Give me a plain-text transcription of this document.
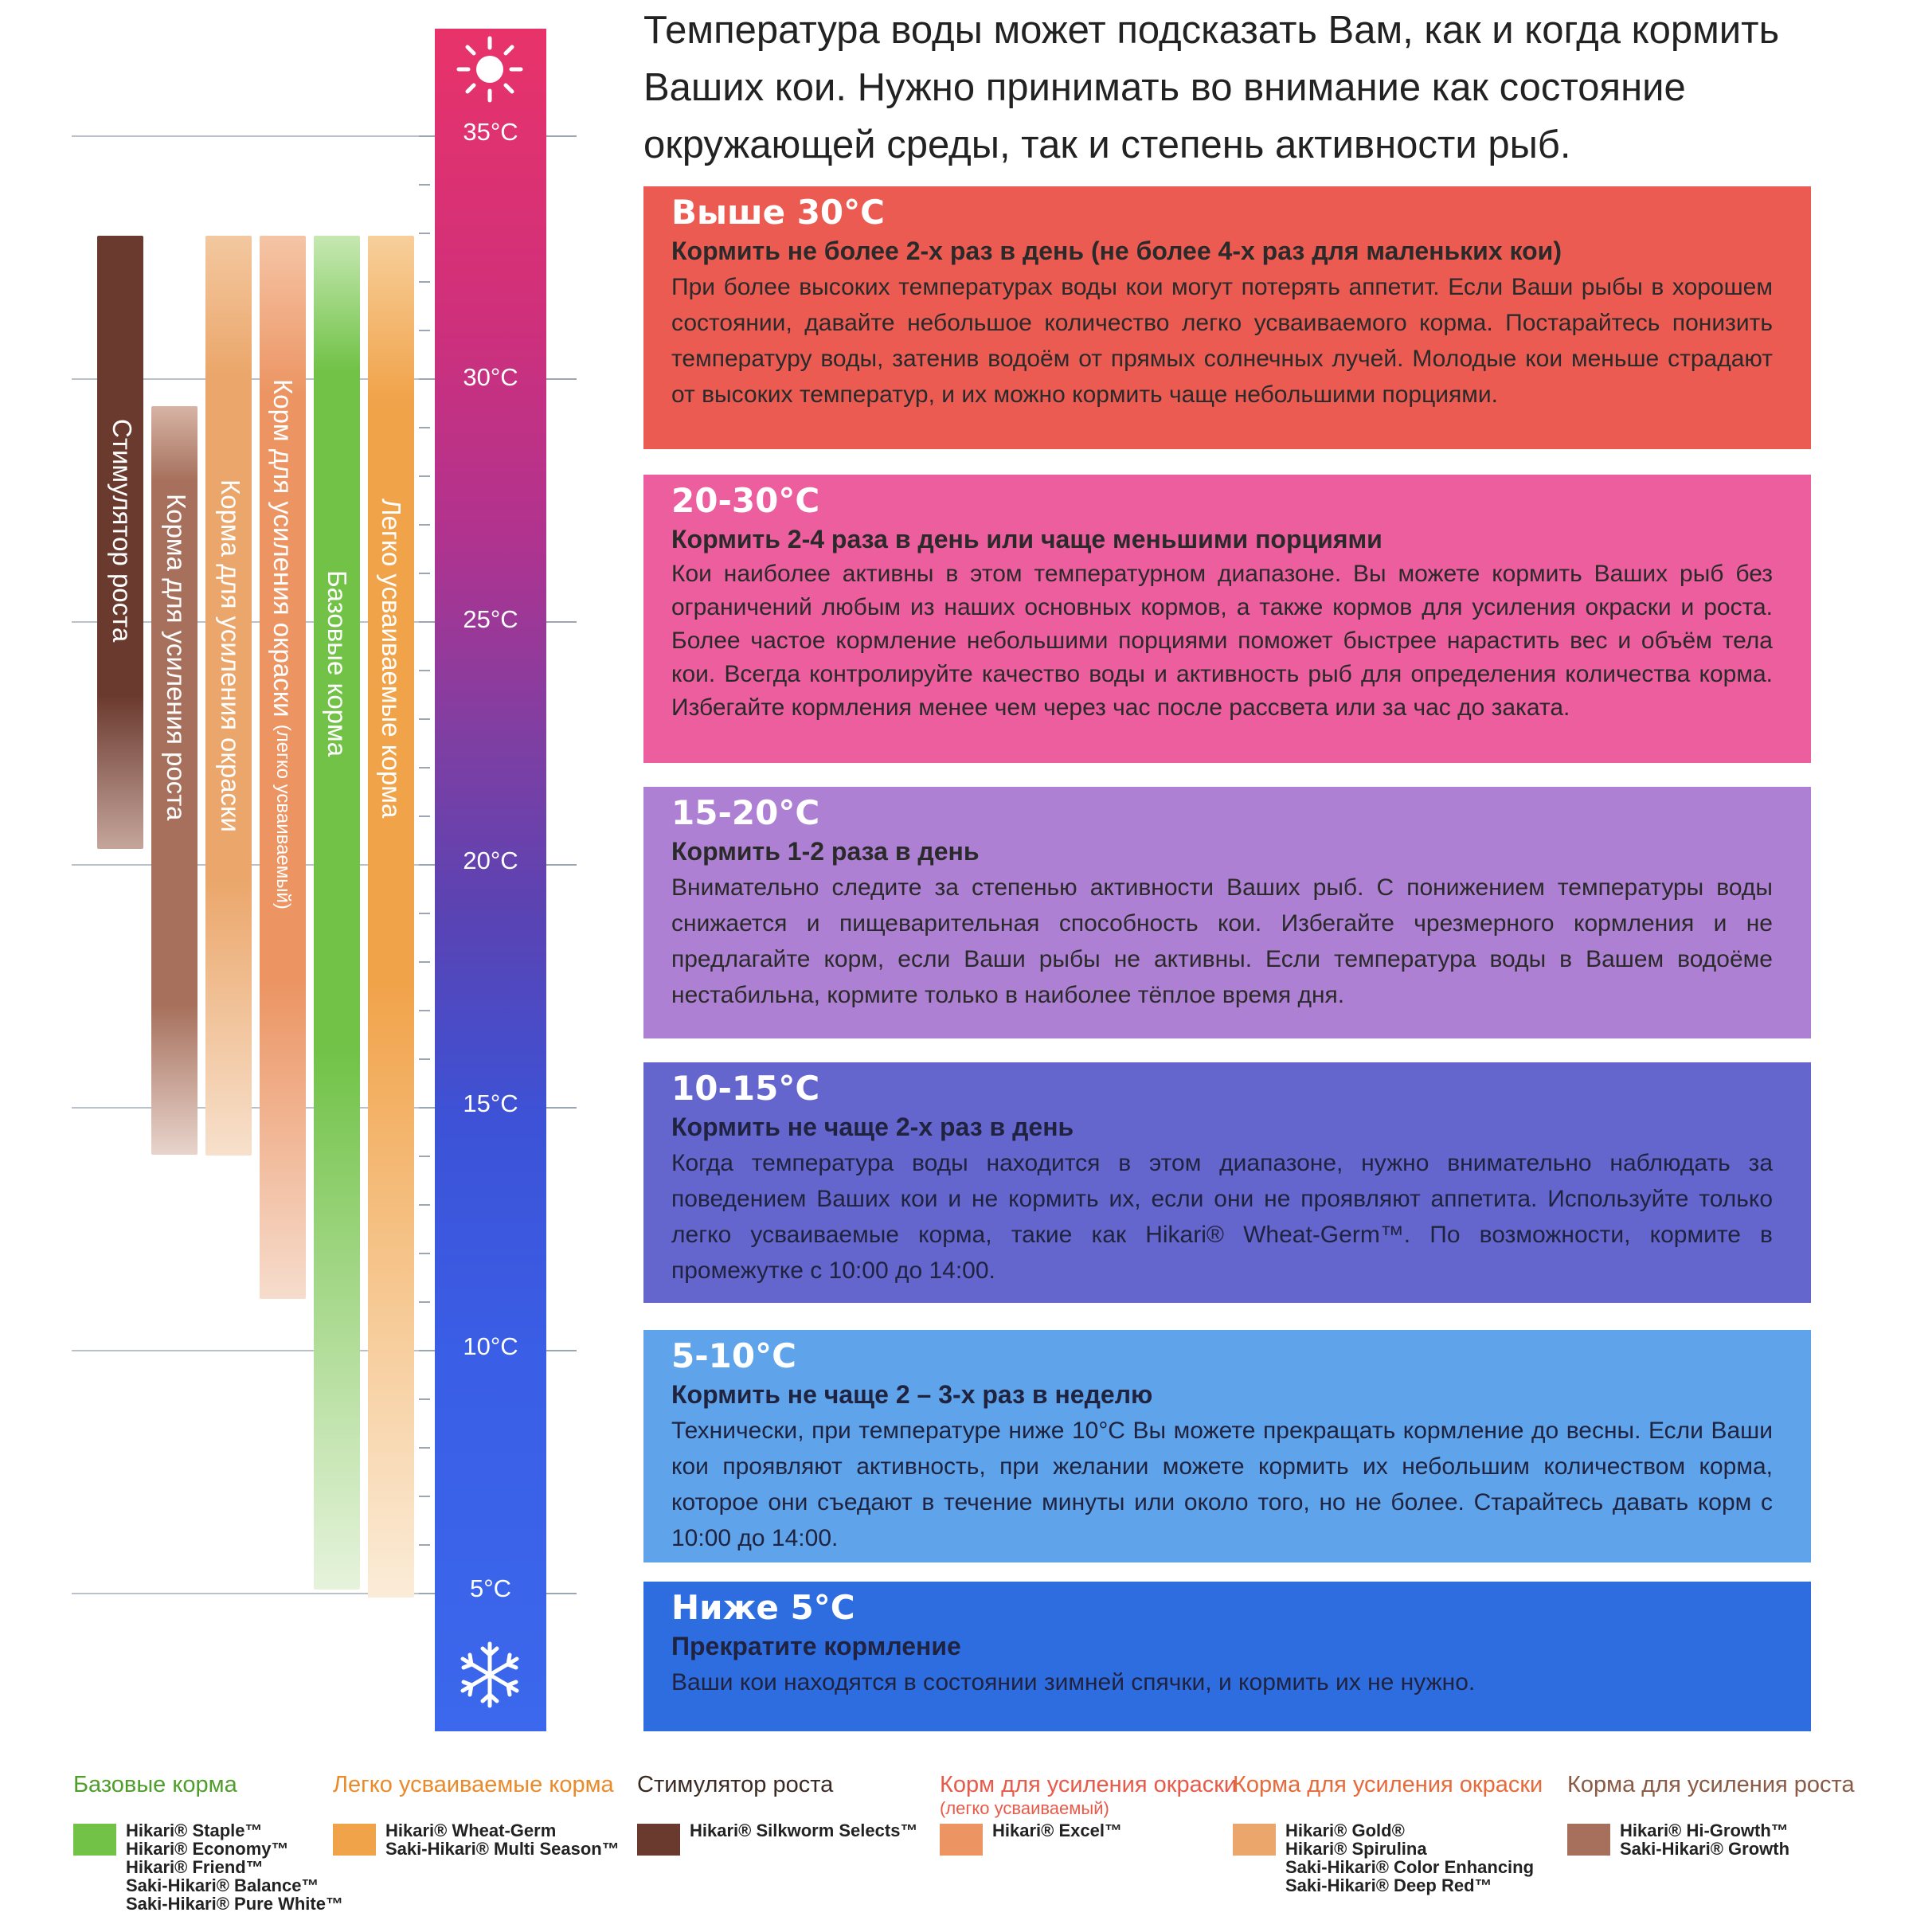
Температура воды может подсказать Вам, как и когда кормить Ваших кои. Нужно принимать во внимание как состояние окружающей среды, так и степень активности рыб.
Стимулятор роста Корма для усиления роста Корма для усиления окраски Корм для усиления окраски (легко усваиваемый)
Базовые корма Легко усваиваемые корма
35°C
30°C
25°C
20°C
15°C
10°C
5°C
Выше 30°C
Кормить не более 2-х раз в день (не более 4-х раз для маленьких кои)
При более высоких температурах воды кои могут потерять аппетит. Если Ваши рыбы в хорошем состоянии, давайте небольшое количество легко усваиваемого корма. Постарайтесь понизить температуру воды, затенив водоём от прямых солнечных лучей. Молодые кои меньше страдают от высоких температур, и их можно кормить чаще небольшими порциями.
20-30°C
Кормить 2-4 раза в день или чаще меньшими порциями
Кои наиболее активны в этом температурном диапазоне. Вы можете кормить Ваших рыб без ограничений любым из наших основных кормов, а также кормов для усиления окраски и роста. Более частое кормление небольшими порциями поможет быстрее нарастить вес и объём тела кои. Всегда контролируйте качество воды и активность рыб для определения количества корма. Избегайте кормления менее чем через час после рассвета или за час до заката.
15-20°C
Кормить 1-2 раза в день
Внимательно следите за степенью активности Ваших рыб. С понижением температуры воды снижается и пищеварительная способность кои. Избегайте чрезмерного кормления и не предлагайте корм, если Ваши рыбы не активны. Если температура воды в Вашем водоёме нестабильна, кормите только в наиболее тёплое время дня.
10-15°C
Кормить не чаще 2-х раз в день
Когда температура воды находится в этом диапазоне, нужно внимательно наблюдать за поведением Ваших кои и не кормить их, если они не проявляют аппетита. Используйте только легко усваиваемые корма, такие как Hikari® Wheat-Germ™. По возможности, кормите в промежутке с 10:00 до 14:00.
5-10°C
Кормить не чаще 2 – 3-х раз в неделю
Технически, при температуре ниже 10°C Вы можете прекращать кормление до весны. Если Ваши кои проявляют активность, при желании можете кормить их небольшим количеством корма, которое они съедают в течение минуты или около того, но не более. Старайтесь давать корм с 10:00 до 14:00.
Ниже 5°C
Прекратите кормление
Ваши кои находятся в состоянии зимней спячки, и кормить их не нужно.
Базовые корма
Hikari® Staple™
Hikari® Economy™
Hikari® Friend™
Saki-Hikari® Balance™
Saki-Hikari® Pure White™
Легко усваиваемые корма
Hikari® Wheat-Germ
Saki-Hikari® Multi Season™
Стимулятор роста
Hikari® Silkworm Selects™
Корм для усиления окраски
(легко усваиваемый)
Hikari® Excel™
Корма для усиления окраски
Hikari® Gold®
Hikari® Spirulina
Saki-Hikari® Color Enhancing
Saki-Hikari® Deep Red™
Корма для усиления роста
Hikari® Hi-Growth™
Saki-Hikari® Growth
